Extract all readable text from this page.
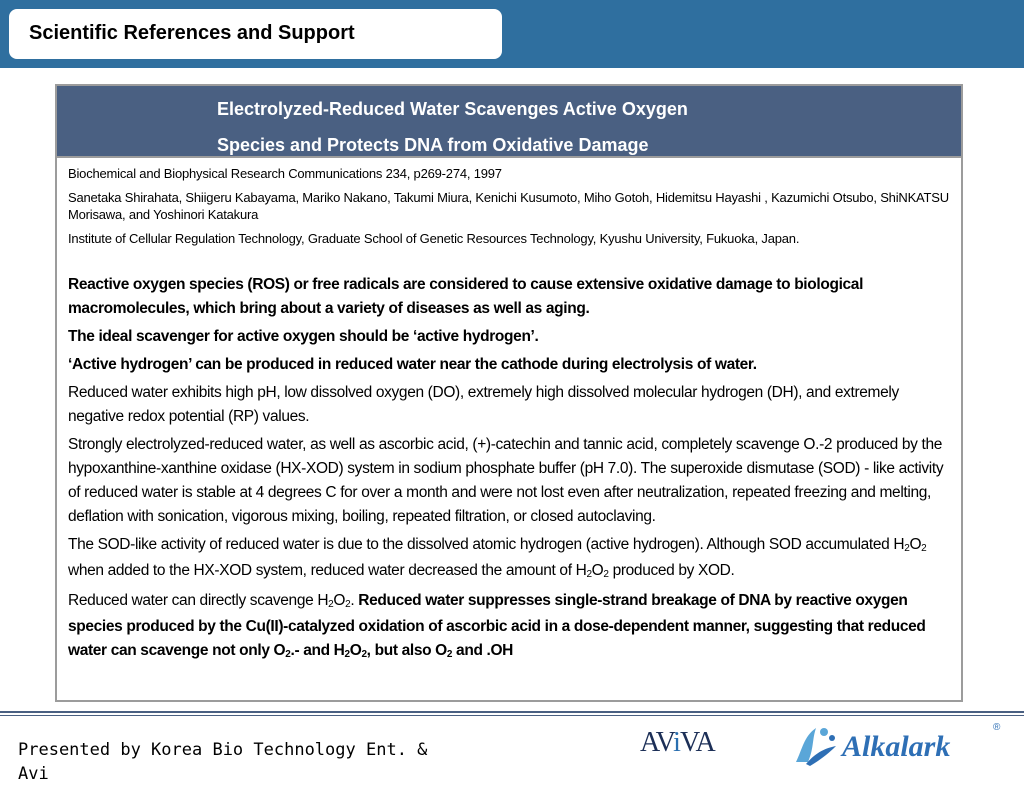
Scientific References and Support
Electrolyzed-Reduced Water Scavenges Active Oxygen
Species and Protects DNA from Oxidative Damage

Biochemical and Biophysical Research Communications 234, p269-274, 1997

Sanetaka Shirahata, Shiigeru Kabayama, Mariko Nakano, Takumi Miura, Kenichi Kusumoto, Miho Gotoh, Hidemitsu Hayashi , Kazumichi Otsubo, ShiNKATSU Morisawa, and Yoshinori Katakura

Institute of Cellular Regulation Technology, Graduate School of Genetic Resources Technology, Kyushu University, Fukuoka, Japan.

Reactive oxygen species (ROS) or free radicals are considered to cause extensive oxidative damage to biological macromolecules, which bring about a variety of diseases as well as aging.

The ideal scavenger for active oxygen should be ‘active hydrogen’.

‘Active hydrogen’ can be produced in reduced water near the cathode during electrolysis of water.

Reduced water exhibits high pH, low dissolved oxygen (DO), extremely high dissolved molecular hydrogen (DH), and extremely negative redox potential (RP) values.

Strongly electrolyzed-reduced water, as well as ascorbic acid, (+)-catechin and tannic acid, completely scavenge O.-2 produced by the hypoxanthine-xanthine oxidase (HX-XOD) system in sodium phosphate buffer (pH 7.0). The superoxide dismutase (SOD) - like activity of reduced water is stable at 4 degrees C for over a month and were not lost even after neutralization, repeated freezing and melting, deflation with sonication, vigorous mixing, boiling, repeated filtration, or closed autoclaving.

The SOD-like activity of reduced water is due to the dissolved atomic hydrogen (active hydrogen). Although SOD accumulated $H_2O_2$ when added to the HX-XOD system, reduced water decreased the amount of $H_2O_2$ produced by XOD.

Reduced water can directly scavenge $H_2O_2$. Reduced water suppresses single-strand breakage of DNA by reactive oxygen species produced by the Cu(II)-catalyzed oxidation of ascorbic acid in a dose-dependent manner, suggesting that reduced water can scavenge not only $O_2.-$ and $H_2O_2$, but also $O_2$ and .OH

Presented by Korea Bio Technology Ent. &
Avi
AViVA	Alkalark
®
